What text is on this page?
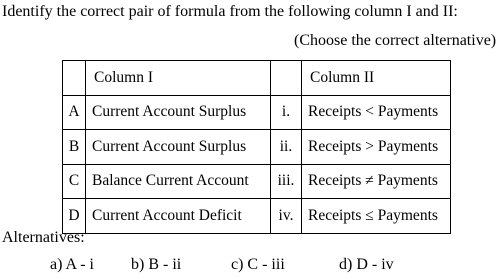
Identify the correct pair of formula from the following column I and II:
(Choose the correct alternative)
	Column I		Column II
A	Current Account Surplus	i.	Receipts < Payments
B	Current Account Surplus	ii.	Receipts > Payments
C	Balance Current Account	iii.	Receipts ≠ Payments
D	Current Account Deficit	iv.	Receipts ≤ Payments
Alternatives:
a) A - i b) B - ii	c) C - iii	d) D - iv
